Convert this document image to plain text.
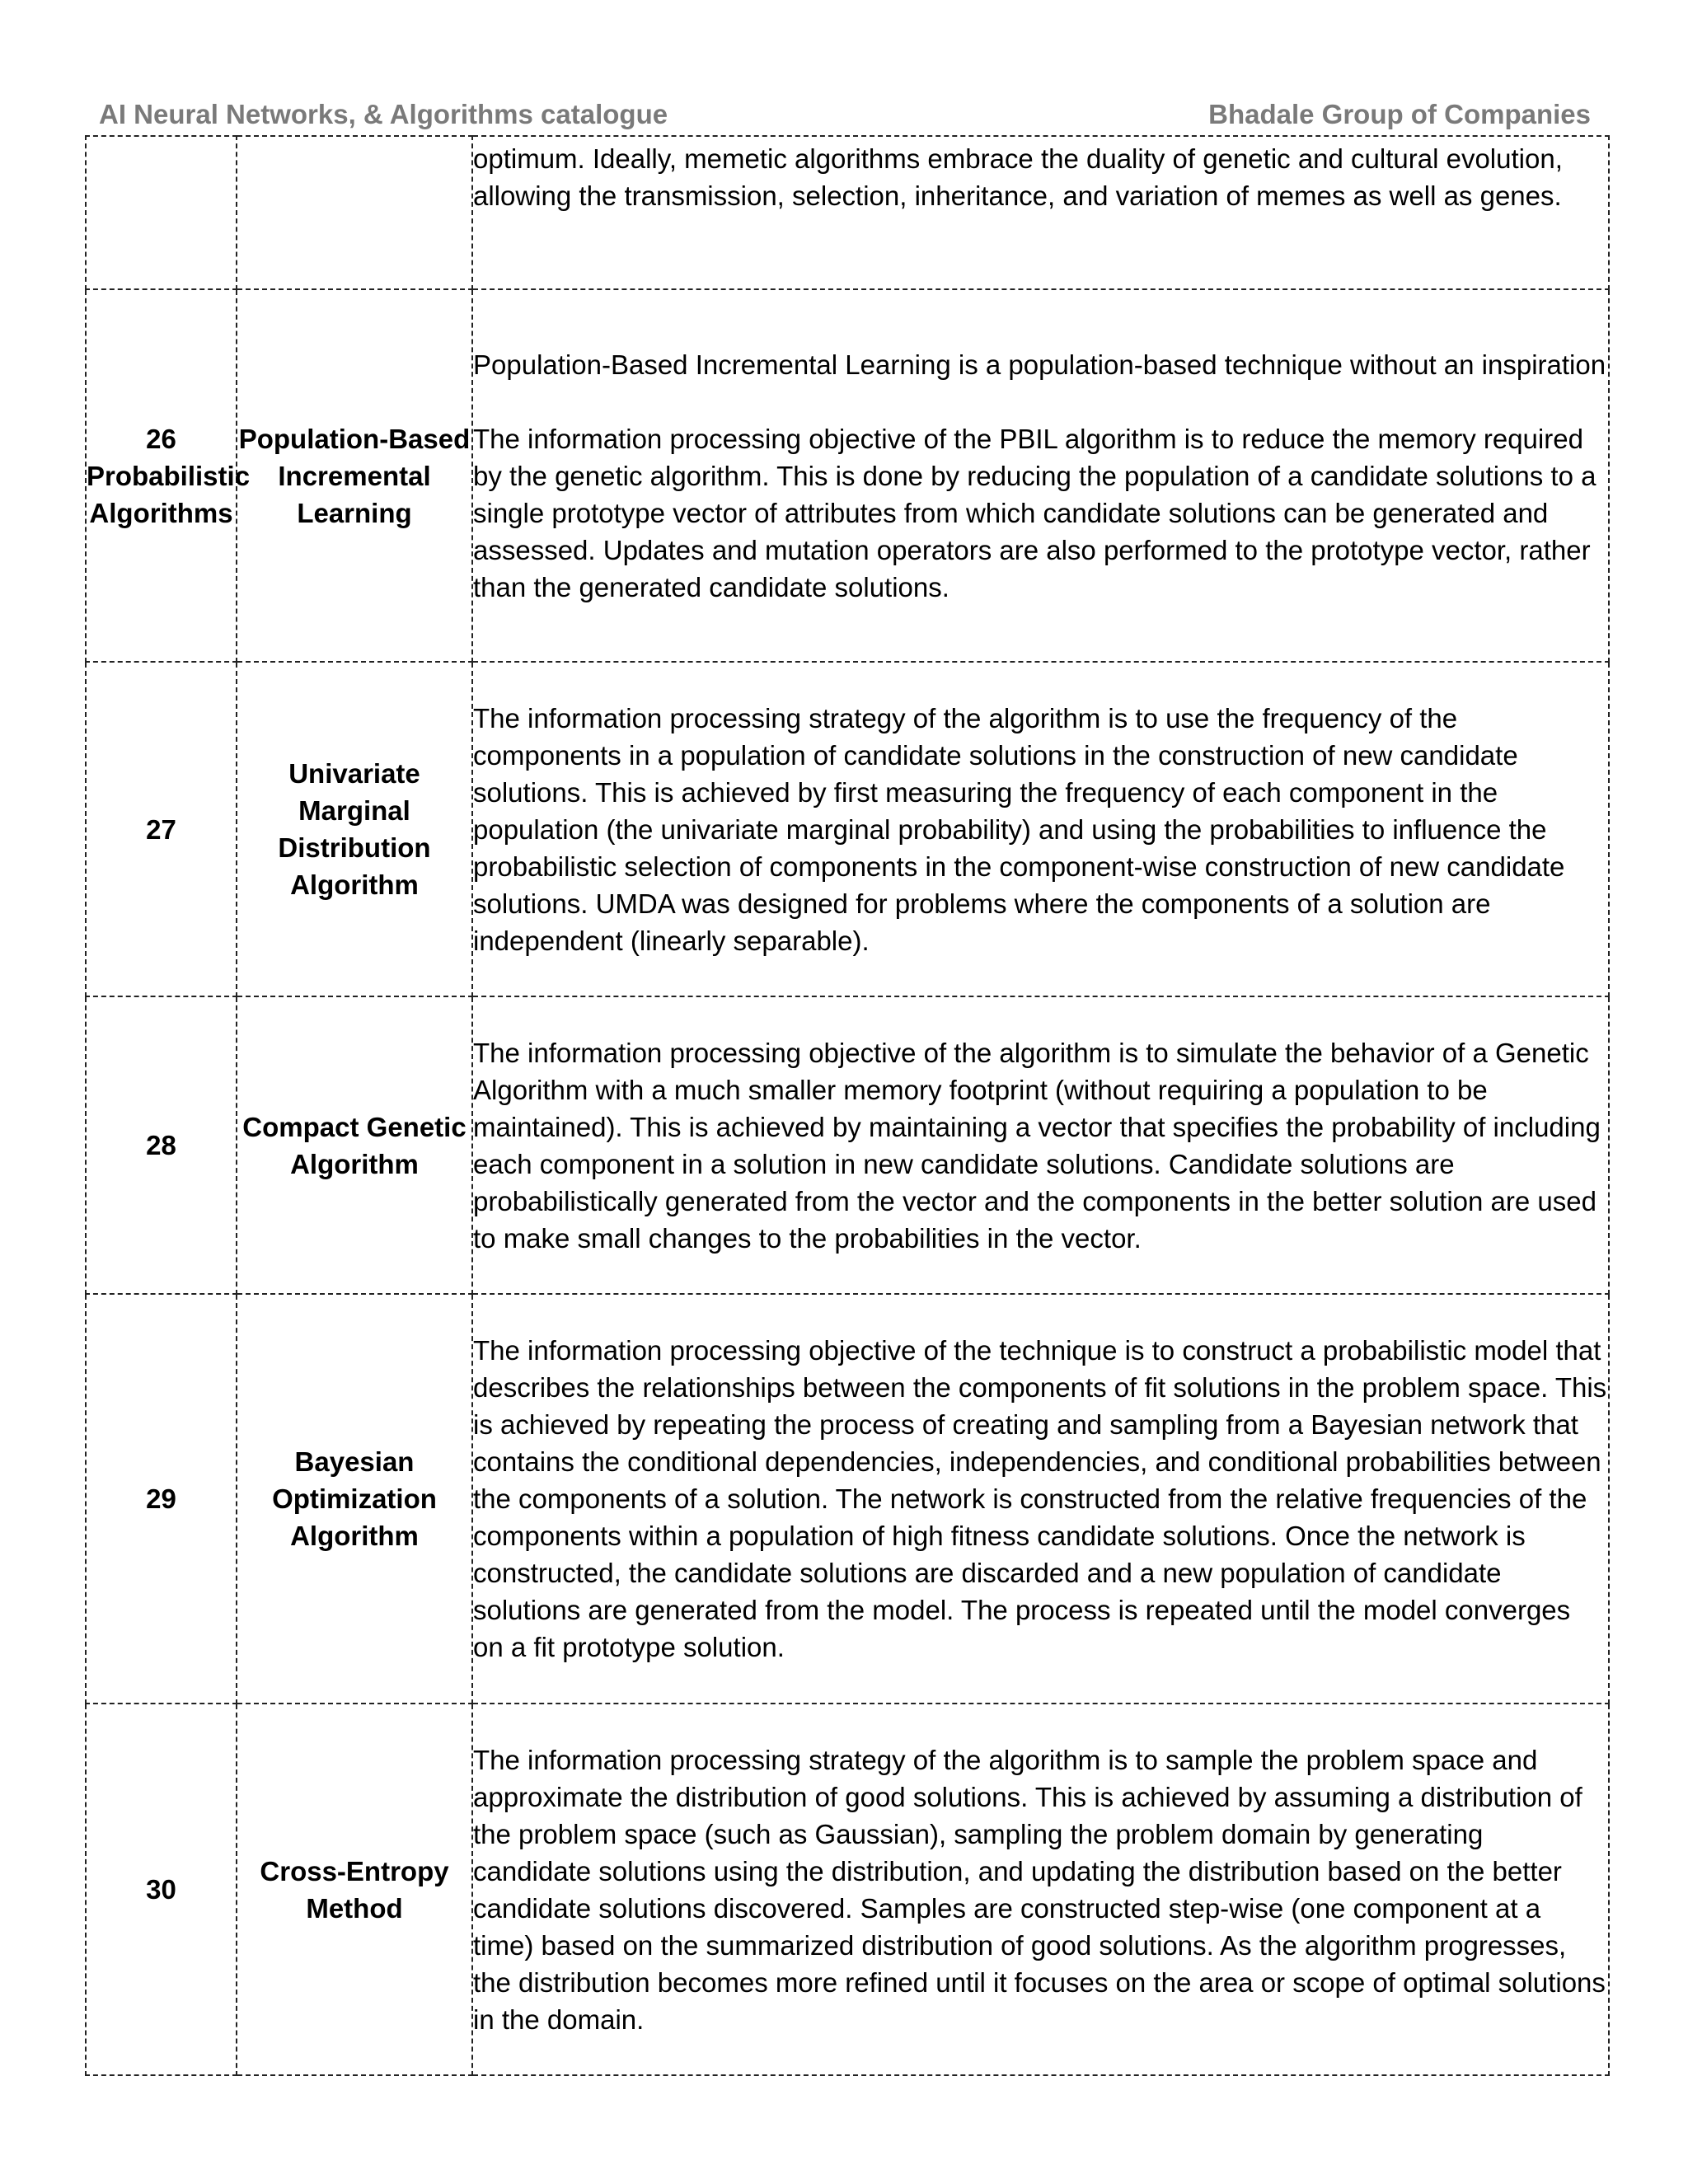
AI Neural Networks, & Algorithms catalogue	Bhadale Group of Companies

		optimum. Ideally, memetic algorithms embrace the duality of genetic and cultural evolution, allowing the transmission, selection, inheritance, and variation of memes as well as genes.

26 Probabilistic Algorithms	Population-Based Incremental Learning	Population-Based Incremental Learning is a population-based technique without an inspiration

The information processing objective of the PBIL algorithm is to reduce the memory required by the genetic algorithm. This is done by reducing the population of a candidate solutions to a single prototype vector of attributes from which candidate solutions can be generated and assessed. Updates and mutation operators are also performed to the prototype vector, rather than the generated candidate solutions.

27	Univariate Marginal Distribution Algorithm	The information processing strategy of the algorithm is to use the frequency of the components in a population of candidate solutions in the construction of new candidate solutions. This is achieved by first measuring the frequency of each component in the population (the univariate marginal probability) and using the probabilities to influence the probabilistic selection of components in the component-wise construction of new candidate solutions. UMDA was designed for problems where the components of a solution are independent (linearly separable).

28	Compact Genetic Algorithm	The information processing objective of the algorithm is to simulate the behavior of a Genetic Algorithm with a much smaller memory footprint (without requiring a population to be maintained). This is achieved by maintaining a vector that specifies the probability of including each component in a solution in new candidate solutions. Candidate solutions are probabilistically generated from the vector and the components in the better solution are used to make small changes to the probabilities in the vector.

29	Bayesian Optimization Algorithm	The information processing objective of the technique is to construct a probabilistic model that describes the relationships between the components of fit solutions in the problem space. This is achieved by repeating the process of creating and sampling from a Bayesian network that contains the conditional dependencies, independencies, and conditional probabilities between the components of a solution. The network is constructed from the relative frequencies of the components within a population of high fitness candidate solutions. Once the network is constructed, the candidate solutions are discarded and a new population of candidate solutions are generated from the model. The process is repeated until the model converges on a fit prototype solution.

30	Cross-Entropy Method	The information processing strategy of the algorithm is to sample the problem space and approximate the distribution of good solutions. This is achieved by assuming a distribution of the problem space (such as Gaussian), sampling the problem domain by generating candidate solutions using the distribution, and updating the distribution based on the better candidate solutions discovered. Samples are constructed step-wise (one component at a time) based on the summarized distribution of good solutions. As the algorithm progresses, the distribution becomes more refined until it focuses on the area or scope of optimal solutions in the domain.
